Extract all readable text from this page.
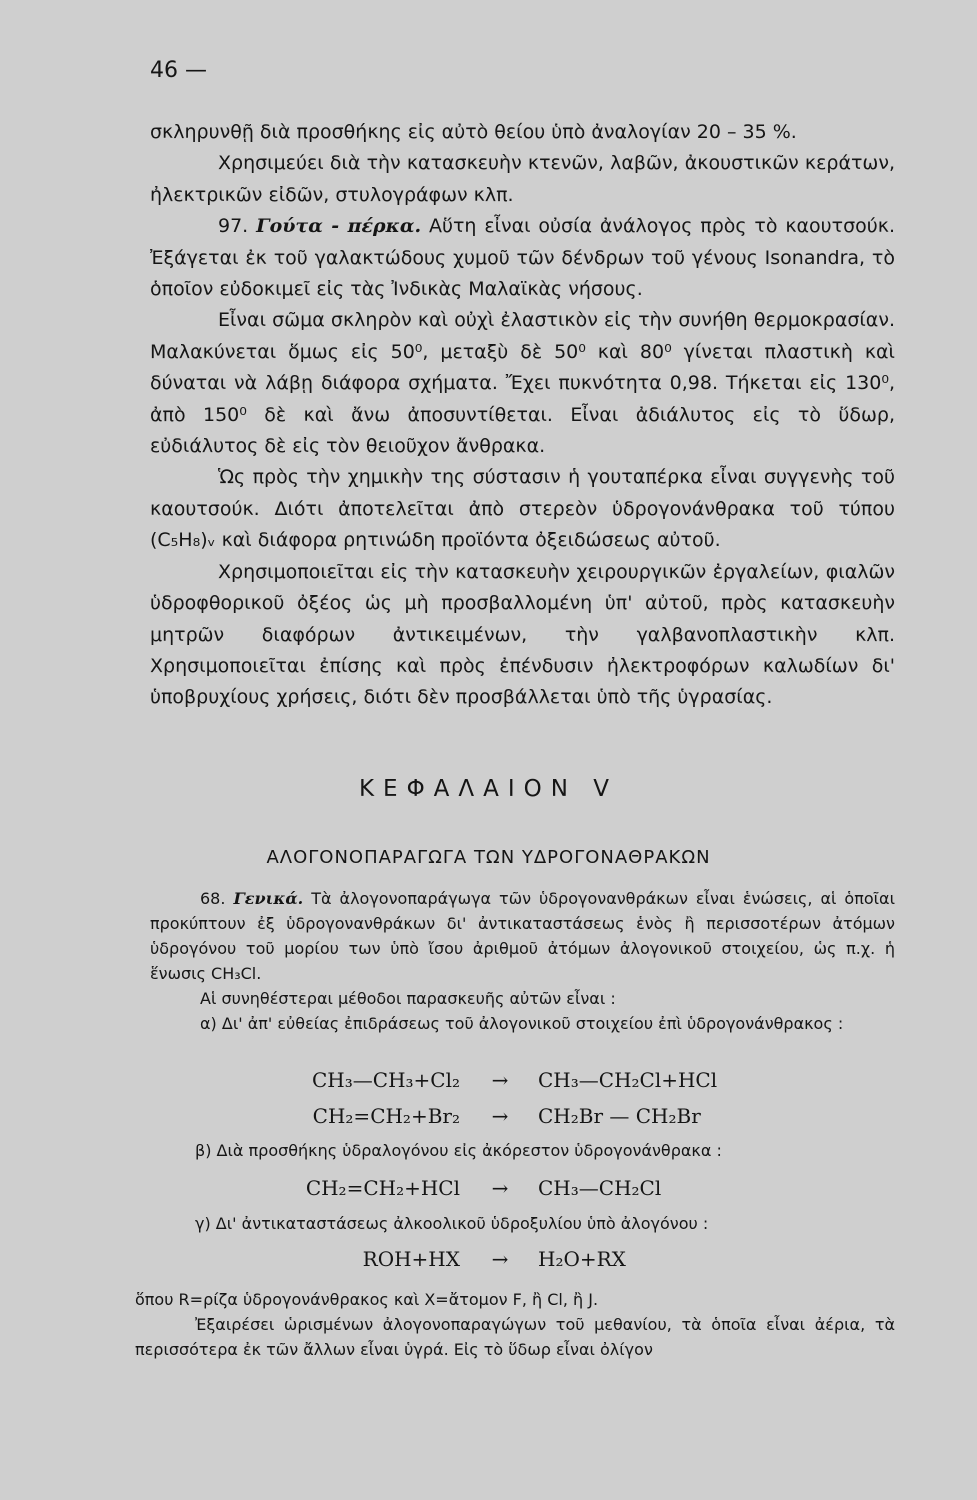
46 —

σκληρυνθῇ διὰ προσθήκης εἰς αὐτὸ θείου ὑπὸ ἀναλογίαν 20 – 35 %.

Χρησιμεύει διὰ τὴν κατασκευὴν κτενῶν, λαβῶν, ἀκουστικῶν κεράτων, ἠλεκτρικῶν εἰδῶν, στυλογράφων κλπ.

97. Γούτα - πέρκα. Αὕτη εἶναι οὐσία ἀνάλογος πρὸς τὸ καουτσούκ. Ἐξάγεται ἐκ τοῦ γαλακτώδους χυμοῦ τῶν δένδρων τοῦ γένους Isonandra, τὸ ὁποῖον εὐδοκιμεῖ εἰς τὰς Ἰνδικὰς Μαλαϊκὰς νήσους.

Εἶναι σῶμα σκληρὸν καὶ οὐχὶ ἐλαστικὸν εἰς τὴν συνήθη θερμοκρασίαν. Μαλακύνεται ὅμως εἰς 50⁰, μεταξὺ δὲ 50⁰ καὶ 80⁰ γίνεται πλαστικὴ καὶ δύναται νὰ λάβῃ διάφορα σχήματα. Ἔχει πυκνότητα 0,98. Τήκεται εἰς 130⁰, ἀπὸ 150⁰ δὲ καὶ ἄνω ἀποσυντίθεται. Εἶναι ἀδιάλυτος εἰς τὸ ὕδωρ, εὐδιάλυτος δὲ εἰς τὸν θειοῦχον ἄνθρακα.

Ὡς πρὸς τὴν χημικὴν της σύστασιν ἡ γουταπέρκα εἶναι συγγενὴς τοῦ καουτσούκ. Διότι ἀποτελεῖται ἀπὸ στερεὸν ὑδρογονάνθρακα τοῦ τύπου (C₅H₈)ᵥ καὶ διάφορα ρητινώδη προϊόντα ὀξειδώσεως αὐτοῦ.

Χρησιμοποιεῖται εἰς τὴν κατασκευὴν χειρουργικῶν ἐργαλείων, φιαλῶν ὑδροφθορικοῦ ὀξέος ὡς μὴ προσβαλλομένη ὑπ' αὐτοῦ, πρὸς κατασκευὴν μητρῶν διαφόρων ἀντικειμένων, τὴν γαλβανοπλαστικὴν κλπ. Χρησιμοποιεῖται ἐπίσης καὶ πρὸς ἐπένδυσιν ἠλεκτροφόρων καλωδίων δι' ὑποβρυχίους χρήσεις, διότι δὲν προσβάλλεται ὑπὸ τῆς ὑγρασίας.

ΚΕΦΑΛΑΙΟΝ V
ΑΛΟΓΟΝΟΠΑΡΑΓΩΓΑ ΤΩΝ ΥΔΡΟΓΟΝΑΘΡΑΚΩΝ

68. Γενικά. Τὰ ἀλογονοπαράγωγα τῶν ὑδρογονανθράκων εἶναι ἑνώσεις, αἱ ὁποῖαι προκύπτουν ἐξ ὑδρογονανθράκων δι' ἀντικαταστάσεως ἑνὸς ἢ περισσοτέρων ἀτόμων ὑδρογόνου τοῦ μορίου των ὑπὸ ἴσου ἀριθμοῦ ἀτόμων ἀλογονικοῦ στοιχείου, ὡς π.χ. ἡ ἕνωσις CH₃Cl.

Αἱ συνηθέστεραι μέθοδοι παρασκευῆς αὐτῶν εἶναι :

α) Δι' ἀπ' εὐθείας ἐπιδράσεως τοῦ ἀλογονικοῦ στοιχείου ἐπὶ ὑδρογονάνθρακος :

CH₃—CH₃+Cl₂	→	CH₃—CH₂Cl+HCl
CH₂=CH₂+Br₂	→	CH₂Br — CH₂Br
β) Διὰ προσθήκης ὑδραλογόνου εἰς ἀκόρεστον ὑδρογονάνθρακα :
CH₂=CH₂+HCl	→	CH₃—CH₂Cl
γ) Δι' ἀντικαταστάσεως ἀλκοολικοῦ ὑδροξυλίου ὑπὸ ἀλογόνου :
ROH+HX	→	H₂O+RX

ὅπου R=ρίζα ὑδρογονάνθρακος καὶ X=ἄτομον F, ἢ Cl, ἢ J.

Ἐξαιρέσει ὡρισμένων ἀλογονοπαραγώγων τοῦ μεθανίου, τὰ ὁποῖα εἶναι ἀέρια, τὰ περισσότερα ἐκ τῶν ἄλλων εἶναι ὑγρά. Εἰς τὸ ὕδωρ εἶναι ὀλίγον
